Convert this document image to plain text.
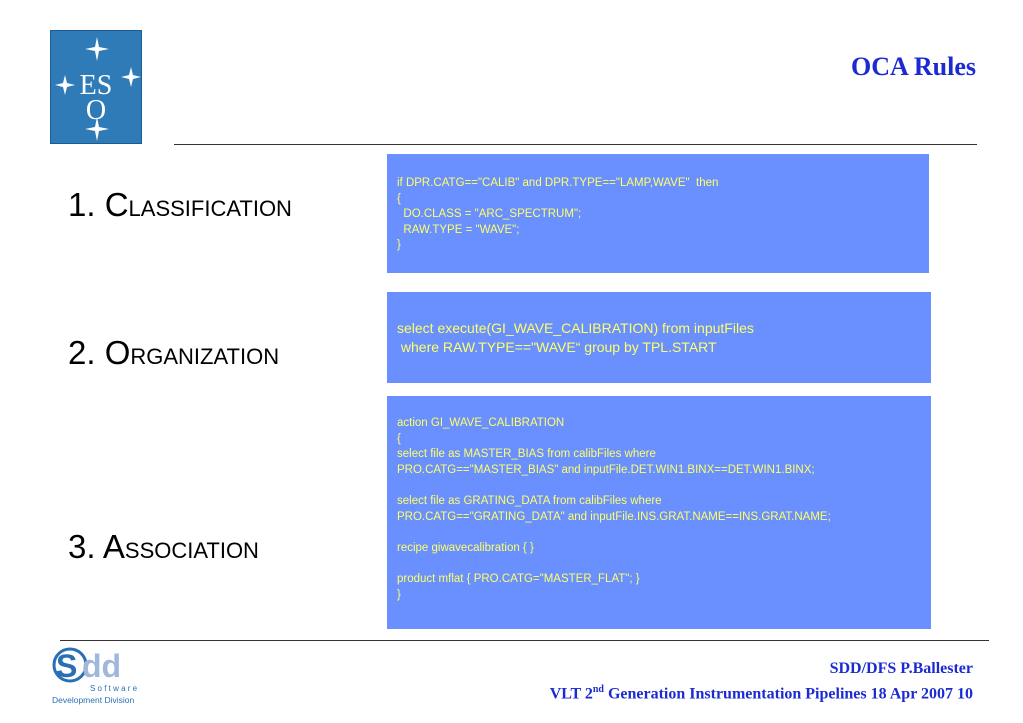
ES
O
OCA Rules
1. CLASSIFICATION
2. ORGANIZATION
3. ASSOCIATION
if DPR.CATG=="CALIB" and DPR.TYPE=="LAMP,WAVE"  then
{
DO.CLASS = "ARC_SPECTRUM";
RAW.TYPE = "WAVE";
}
select execute(GI_WAVE_CALIBRATION) from inputFiles
where RAW.TYPE=="WAVE“ group by TPL.START
action GI_WAVE_CALIBRATION
{
select file as MASTER_BIAS from calibFiles where
PRO.CATG=="MASTER_BIAS" and inputFile.DET.WIN1.BINX==DET.WIN1.BINX;

select file as GRATING_DATA from calibFiles where
PRO.CATG=="GRATING_DATA" and inputFile.INS.GRAT.NAME==INS.GRAT.NAME;

recipe giwavecalibration { }

product mflat { PRO.CATG="MASTER_FLAT"; }
}
S dd
S o f t w a r e
Development Division
SDD/DFS P.Ballester
VLT 2nd Generation Instrumentation Pipelines 18 Apr 2007 10
